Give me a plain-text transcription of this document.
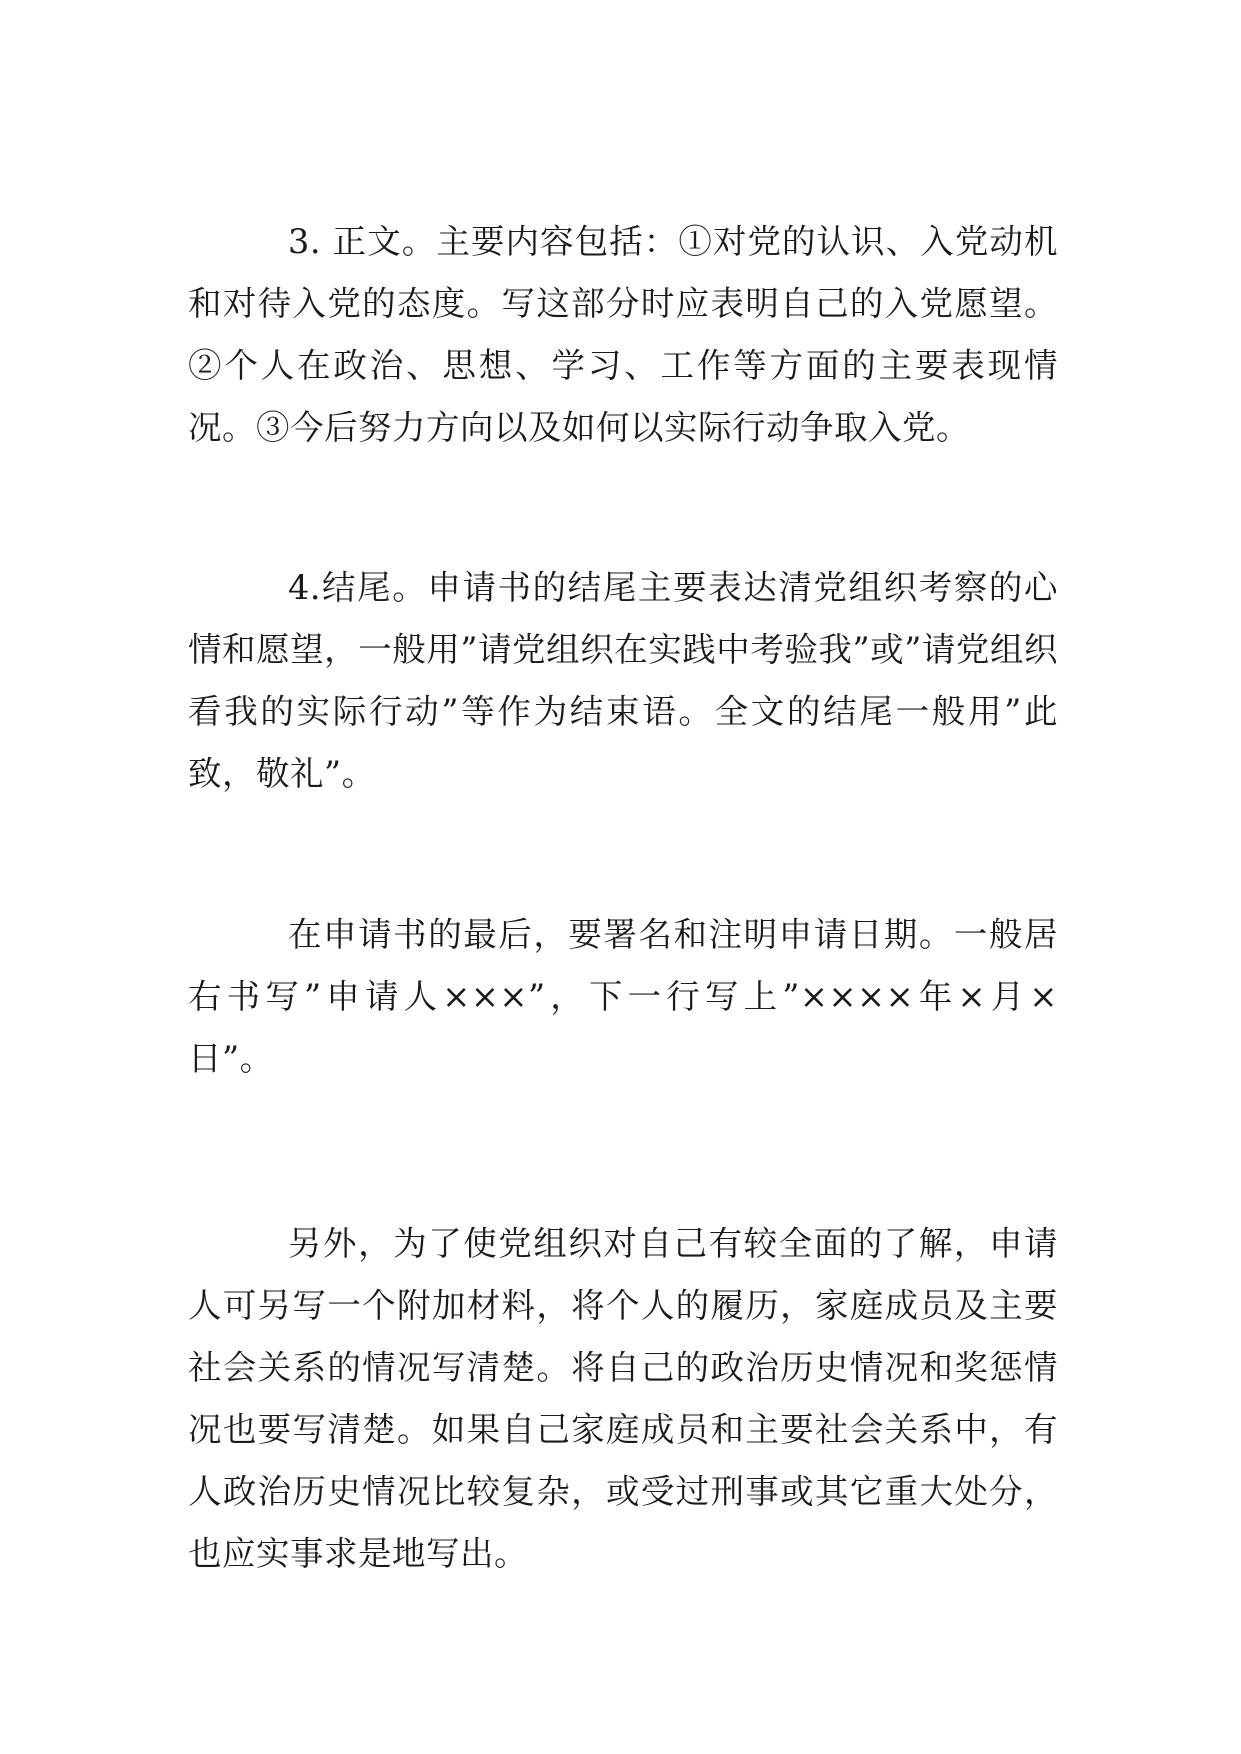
3. 正文。主要内容包括：①对党的认识、入党动机和对待入党的态度。写这部分时应表明自己的入党愿望。②个人在政治、思想、学习、工作等方面的主要表现情况。③今后努力方向以及如何以实际行动争取入党。

4.结尾。申请书的结尾主要表达清党组织考察的心情和愿望，一般用”请党组织在实践中考验我”或”请党组织看我的实际行动”等作为结束语。全文的结尾一般用”此致，敬礼”。

在申请书的最后，要署名和注明申请日期。一般居右书写”申请人×××”，下一行写上”××××年×月×日”。

另外，为了使党组织对自己有较全面的了解，申请人可另写一个附加材料，将个人的履历，家庭成员及主要社会关系的情况写清楚。将自己的政治历史情况和奖惩情况也要写清楚。如果自己家庭成员和主要社会关系中，有人政治历史情况比较复杂，或受过刑事或其它重大处分，也应实事求是地写出。
